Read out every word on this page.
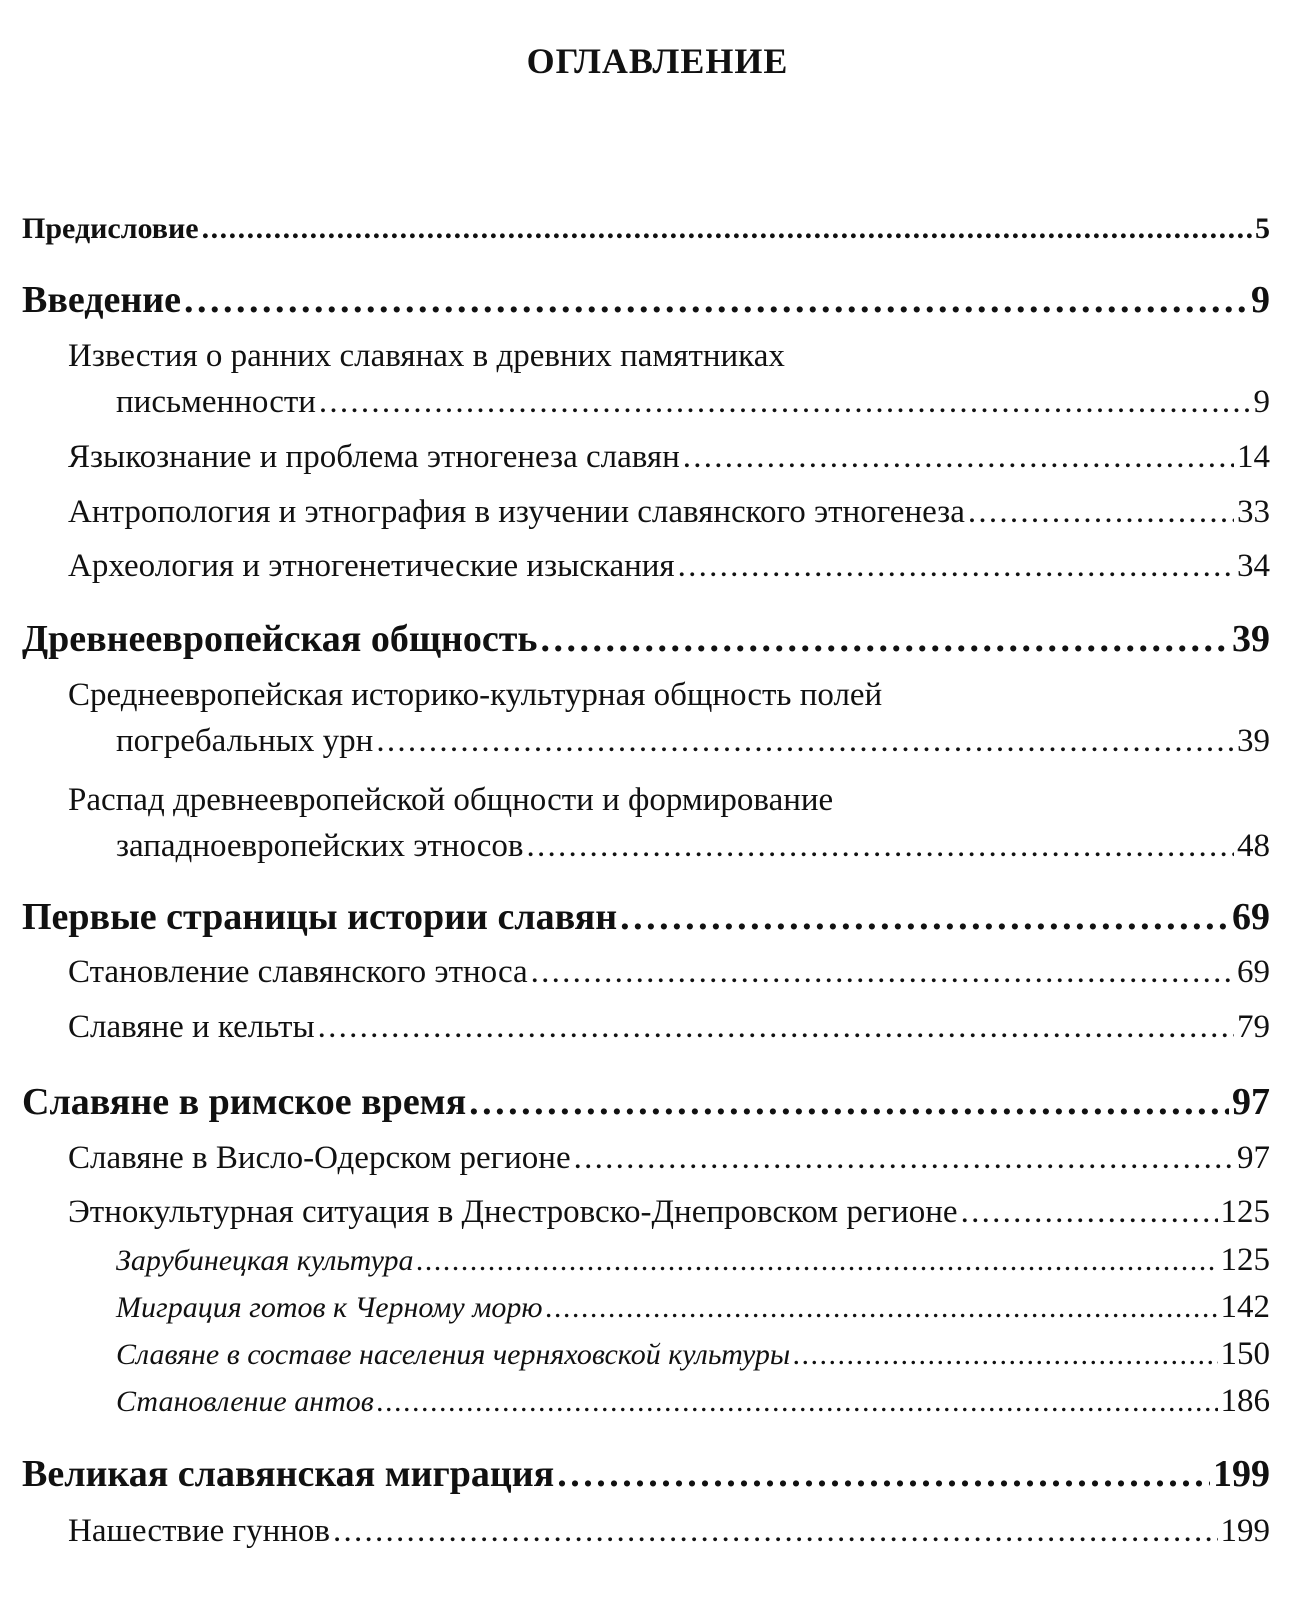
ОГЛАВЛЕНИЕ
Предисловие . . .	5
Введение . . .	9
Известия о ранних славянах в древних памятниках
письменности . . .	9
Языкознание и проблема этногенеза славян . . .	14
Антропология и этнография в изучении славянского этногенеза . . .	33
Археология и этногенетические изыскания . . .	34
Древнеевропейская общность . . .	39
Среднеевропейская историко-культурная общность полей
погребальных урн . . .	39
Распад древнеевропейской общности и формирование
западноевропейских этносов . . .	48
Первые страницы истории славян . . .	69
Становление славянского этноса . . .	69
Славяне и кельты . . .	79
Славяне в римское время . . .	97
Славяне в Висло-Одерском регионе . . .	97
Этнокультурная ситуация в Днестровско-Днепровском регионе . . .	125
Зарубинецкая культура . . .	125
Миграция готов к Черному морю . . .	142
Славяне в составе населения черняховской культуры . . .	150
Становление антов . . .	186
Великая славянская миграция . . .	199
Нашествие гуннов . . .	199
